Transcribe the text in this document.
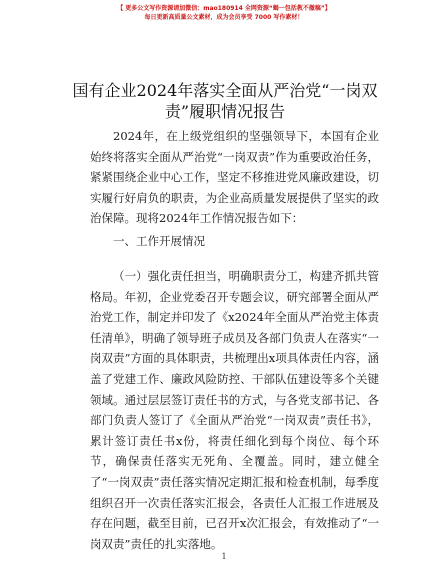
【 更多公文写作资源请加微信：mao180914 全网资源“蝎一包括教不撤稿”】
每日更新高质量公文素材，成为会员享受 7000 写作素材！
国有企业2024年落实全面从严治党“一岗双责”履职情况报告

2024年，在上级党组织的坚强领导下，本国有企业始终将落实全面从严治党“一岗双责”作为重要政治任务，紧紧围绕企业中心工作，坚定不移推进党风廉政建设，切实履行好肩负的职责，为企业高质量发展提供了坚实的政治保障。现将2024年工作情况报告如下：

一、工作开展情况

（一）强化责任担当，明确职责分工，构建齐抓共管格局。年初，企业党委召开专题会议，研究部署全面从严治党工作，制定并印发了《x2024年全面从严治党主体责任清单》，明确了领导班子成员及各部门负责人在落实“一岗双责”方面的具体职责，共梳理出x项具体责任内容，涵盖了党建工作、廉政风险防控、干部队伍建设等多个关键领域。通过层层签订责任书的方式，与各党支部书记、各部门负责人签订了《全面从严治党“一岗双责”责任书》，累计签订责任书x份，将责任细化到每个岗位、每个环节，确保责任落实无死角、全覆盖。同时，建立健全了“一岗双责”责任落实情况定期汇报和检查机制，每季度组织召开一次责任落实汇报会，各责任人汇报工作进展及存在问题，截至目前，已召开x次汇报会，有效推动了“一岗双责”责任的扎实落地。

1
